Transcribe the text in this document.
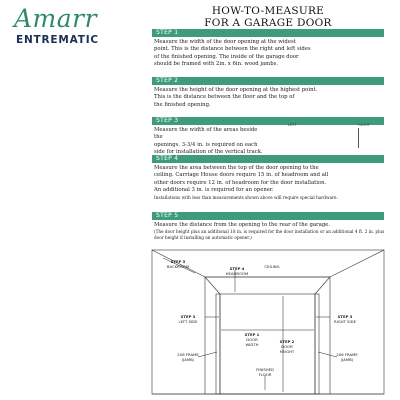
Amarr
ENTREMATIC
HOW-TO-MEASURE
FOR A GARAGE DOOR
STEP 1
Measure the width of the door opening at the widest
point. This is the distance between the right and left sides
of the finished opening. The inside of the garage door
should be framed with 2in. x 6in. wood jambs.
STEP 2
Measure the height of the door opening at the highest point.
This is the distance between the floor and the top of
the finished opening.
STEP 3
Measure the width of the areas beside the
openings. 3-3/4 in. is required on each
side for installation of the vertical track.
LEFT	RIGHT
STEP 4
Measure the area between the top of the door opening to the
ceiling. Carriage House doors require 15 in. of headroom and all
other doors require 12 in. of headroom for the door installation.
An additional 3 in. is required for an opener.
Installations with less than measurements shown above will require special hardware.
STEP 5
Measure the distance from the opening to the rear of the garage.
(The door height plus an additional 18 in. is required for the door installation or an additional 4 ft. 2 in. plus door height if installing an automatic opener.)
STEP 5
BACKROOM	STEP 4
HEADROOM
CEILING
STEP 3
LEFT SIDE
STEP 3
RIGHT SIDE
STEP 1
DOOR
WIDTH
STEP 2
DOOR
HEIGHT
2X6 FRAME
(JAMB)
2X6 FRAME
(JAMB)
FINISHED
FLOOR
